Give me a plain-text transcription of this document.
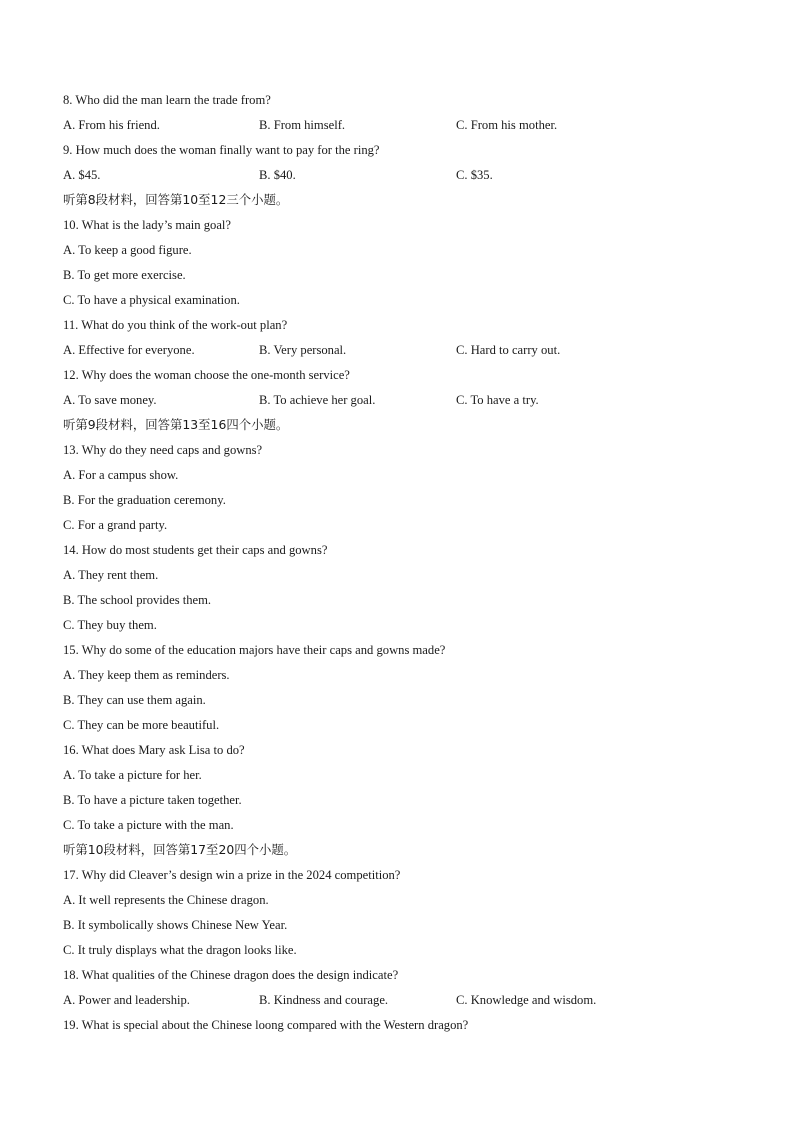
8. Who did the man learn the trade from?
A. From his friend.	B. From himself.	C. From his mother.
9. How much does the woman finally want to pay for the ring?
A. $45.	B. $40.	C. $35.
听第8段材料，回答第10至12三个小题。
10. What is the lady’s main goal?
A. To keep a good figure.
B. To get more exercise.
C. To have a physical examination.
11. What do you think of the work-out plan?
A. Effective for everyone.	B. Very personal.	C. Hard to carry out.
12. Why does the woman choose the one-month service?
A. To save money.	B. To achieve her goal.	C. To have a try.
听第9段材料，回答第13至16四个小题。
13. Why do they need caps and gowns?
A. For a campus show.
B. For the graduation ceremony.
C. For a grand party.
14. How do most students get their caps and gowns?
A. They rent them.
B. The school provides them.
C. They buy them.
15. Why do some of the education majors have their caps and gowns made?
A. They keep them as reminders.
B. They can use them again.
C. They can be more beautiful.
16. What does Mary ask Lisa to do?
A. To take a picture for her.
B. To have a picture taken together.
C. To take a picture with the man.
听第10段材料，回答第17至20四个小题。
17. Why did Cleaver’s design win a prize in the 2024 competition?
A. It well represents the Chinese dragon.
B. It symbolically shows Chinese New Year.
C. It truly displays what the dragon looks like.
18. What qualities of the Chinese dragon does the design indicate?
A. Power and leadership.	B. Kindness and courage.	C. Knowledge and wisdom.
19. What is special about the Chinese loong compared with the Western dragon?
